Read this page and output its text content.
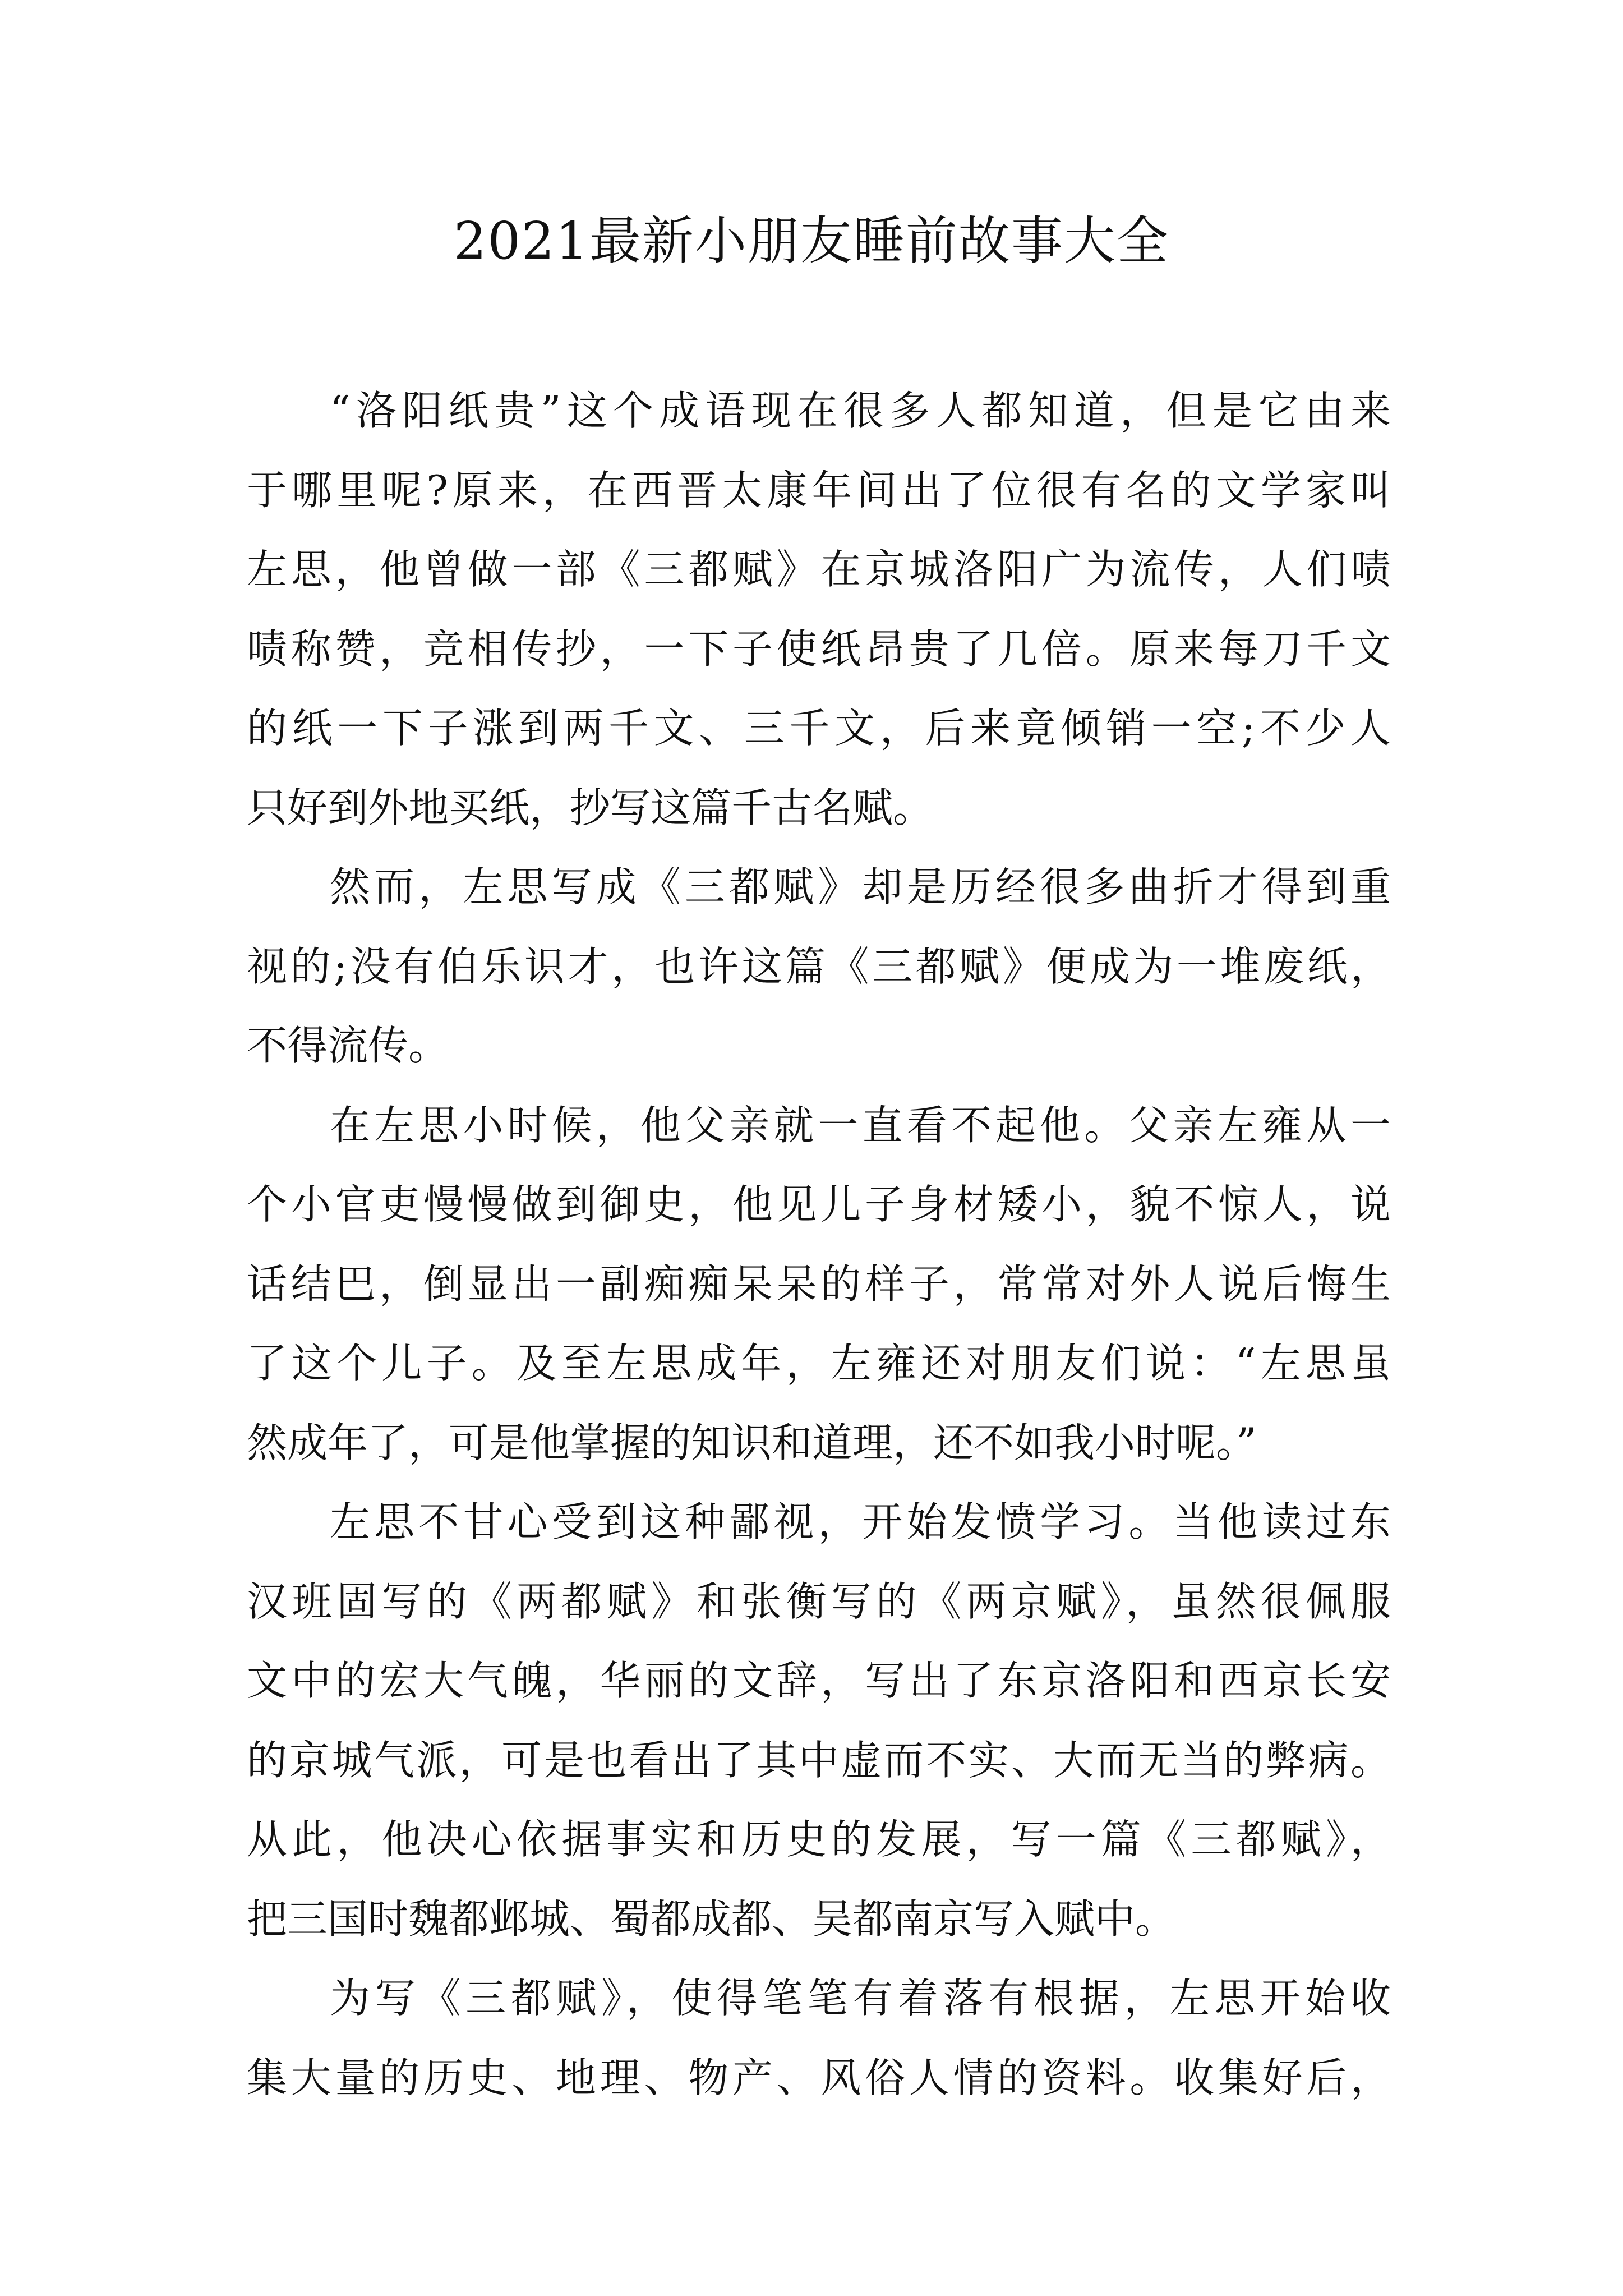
2021最新小朋友睡前故事大全
“洛阳纸贵”这个成语现在很多人都知道，但是它由来
于哪里呢?原来，在西晋太康年间出了位很有名的文学家叫
左思，他曾做一部《三都赋》在京城洛阳广为流传，人们啧
啧称赞，竞相传抄，一下子使纸昂贵了几倍。原来每刀千文
的纸一下子涨到两千文、三千文，后来竟倾销一空;不少人
只好到外地买纸，抄写这篇千古名赋。
然而，左思写成《三都赋》却是历经很多曲折才得到重
视的;没有伯乐识才，也许这篇《三都赋》便成为一堆废纸，
不得流传。
在左思小时候，他父亲就一直看不起他。父亲左雍从一
个小官吏慢慢做到御史，他见儿子身材矮小，貌不惊人，说
话结巴，倒显出一副痴痴呆呆的样子，常常对外人说后悔生
了这个儿子。及至左思成年，左雍还对朋友们说：“左思虽
然成年了，可是他掌握的知识和道理，还不如我小时呢。”
左思不甘心受到这种鄙视，开始发愤学习。当他读过东
汉班固写的《两都赋》和张衡写的《两京赋》，虽然很佩服
文中的宏大气魄，华丽的文辞，写出了东京洛阳和西京长安
的京城气派，可是也看出了其中虚而不实、大而无当的弊病。
从此，他决心依据事实和历史的发展，写一篇《三都赋》，
把三国时魏都邺城、蜀都成都、吴都南京写入赋中。
为写《三都赋》，使得笔笔有着落有根据，左思开始收
集大量的历史、地理、物产、风俗人情的资料。收集好后，
